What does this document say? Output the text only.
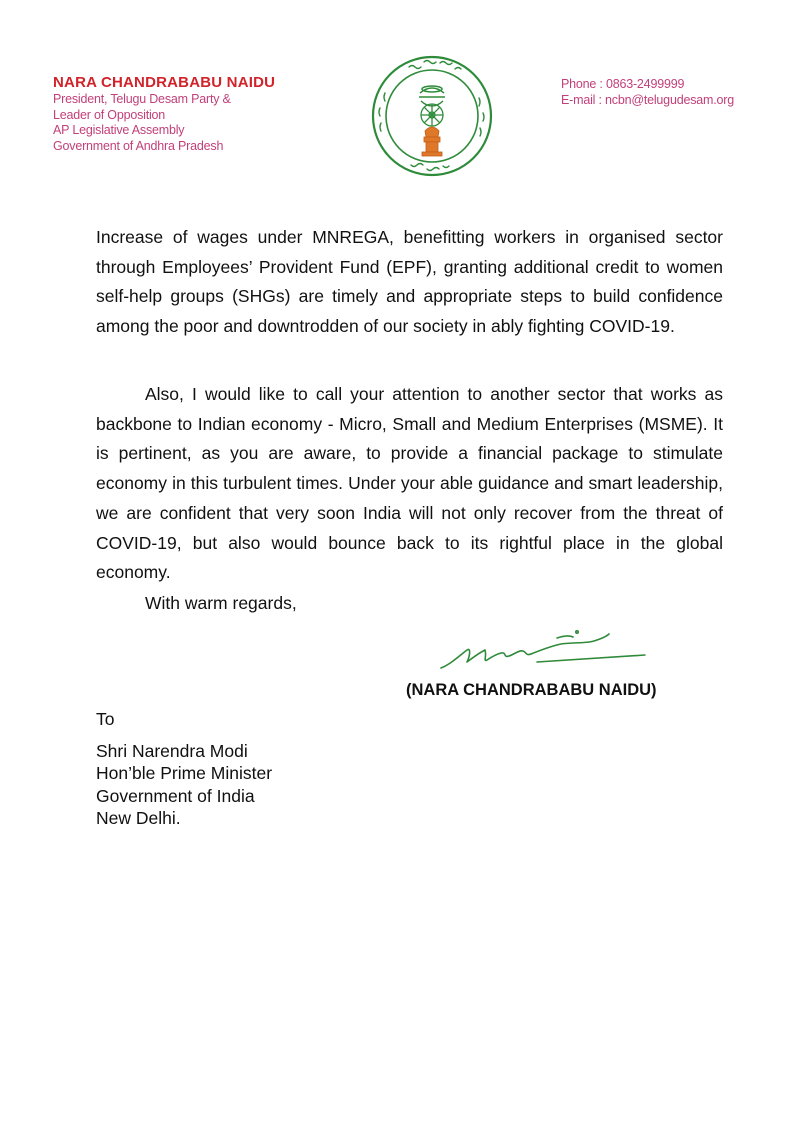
NARA CHANDRABABU NAIDU
President, Telugu Desam Party &
Leader of Opposition
AP Legislative Assembly
Government of Andhra Pradesh
Phone : 0863-2499999
E-mail : ncbn@telugudesam.org
Increase of wages under MNREGA, benefitting workers in organised sector through Employees’ Provident Fund (EPF), granting additional credit to women self-help groups (SHGs) are timely and appropriate steps to build confidence among the poor and downtrodden of our society in ably fighting COVID-19.
Also, I would like to call your attention to another sector that works as backbone to Indian economy - Micro, Small and Medium Enterprises (MSME). It is pertinent, as you are aware, to provide a financial package to stimulate economy in this turbulent times. Under your able guidance and smart leadership, we are confident that very soon India will not only recover from the threat of COVID-19, but also would bounce back to its rightful place in the global economy.
With warm regards,
(NARA CHANDRABABU NAIDU)
To
Shri Narendra Modi
Hon’ble Prime Minister
Government of India
New Delhi.
